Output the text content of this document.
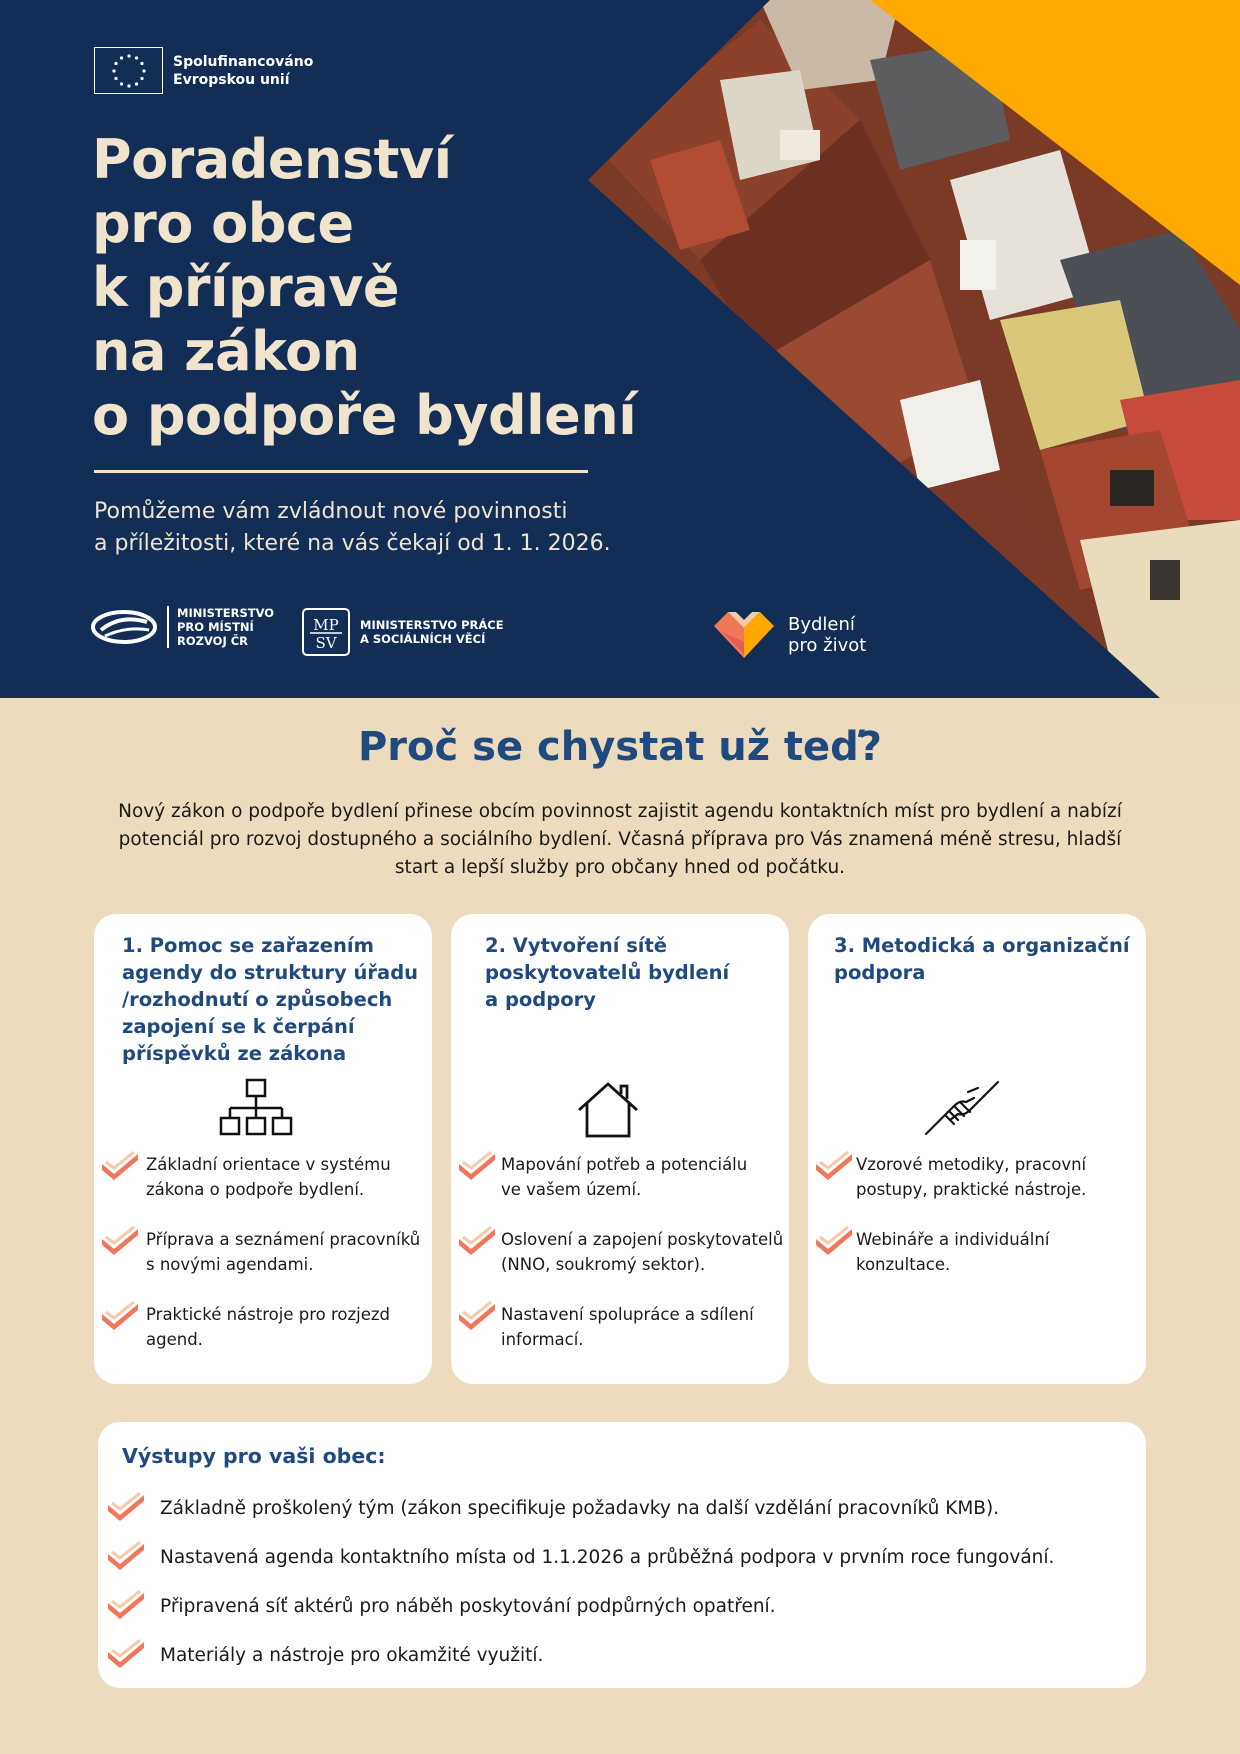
Spolufinancováno
Evropskou unií
Poradenství
pro obce
k přípravě
na zákon
o podpoře bydlení

Pomůžeme vám zvládnout nové povinnosti
a příležitosti, které na vás čekají od 1. 1. 2026.

MINISTERSTVO
PRO MÍSTNÍ
ROZVOJ ČR
MP
SV
MINISTERSTVO PRÁCE
A SOCIÁLNÍCH VĚCÍ
Bydlení
pro život
Proč se chystat už teď?

Nový zákon o podpoře bydlení přinese obcím povinnost zajistit agendu kontaktních míst pro bydlení a nabízí potenciál pro rozvoj dostupného a sociálního bydlení. Včasná příprava pro Vás znamená méně stresu, hladší start a lepší služby pro občany hned od počátku.

1. Pomoc se zařazením
agendy do struktury úřadu
/rozhodnutí o způsobech
zapojení se k čerpání
příspěvků ze zákona
Základní orientace v systému
zákona o podpoře bydlení.
Příprava a seznámení pracovníků
s novými agendami.
Praktické nástroje pro rozjezd
agend.
2. Vytvoření sítě
poskytovatelů bydlení
a podpory
Mapování potřeb a potenciálu
ve vašem území.
Oslovení a zapojení poskytovatelů
(NNO, soukromý sektor).
Nastavení spolupráce a sdílení
informací.
3. Metodická a organizační
podpora
Vzorové metodiky, pracovní
postupy, praktické nástroje.
Webináře a individuální
konzultace.
Výstupy pro vaši obec:
Základně proškolený tým (zákon specifikuje požadavky na další vzdělání pracovníků KMB).
Nastavená agenda kontaktního místa od 1.1.2026 a průběžná podpora v prvním roce fungování.
Připravená síť aktérů pro náběh poskytování podpůrných opatření.
Materiály a nástroje pro okamžité využití.
